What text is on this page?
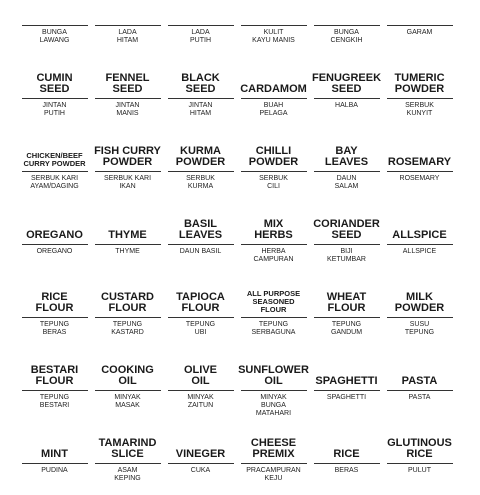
BUNGA
LAWANG
LADA
HITAM
LADA
PUTIH
KULIT
KAYU MANIS
BUNGA
CENGKIH
GARAM
CUMIN
SEED
JINTAN
PUTIH
FENNEL
SEED
JINTAN
MANIS
BLACK
SEED
JINTAN
HITAM
CARDAMOM
BUAH
PELAGA
FENUGREEK
SEED
HALBA
TUMERIC
POWDER
SERBUK
KUNYIT
CHICKEN/BEEF
CURRY POWDER
SERBUK KARI
AYAM/DAGING
FISH CURRY
POWDER
SERBUK KARI
IKAN
KURMA
POWDER
SERBUK
KURMA
CHILLI
POWDER
SERBUK
CILI
BAY
LEAVES
DAUN
SALAM
ROSEMARY
ROSEMARY
OREGANO
OREGANO
THYME
THYME
BASIL
LEAVES
DAUN BASIL
MIX
HERBS
HERBA
CAMPURAN
CORIANDER
SEED
BIJI
KETUMBAR
ALLSPICE
ALLSPICE
RICE
FLOUR
TEPUNG
BERAS
CUSTARD
FLOUR
TEPUNG
KASTARD
TAPIOCA
FLOUR
TEPUNG
UBI
ALL PURPOSE
SEASONED FLOUR
TEPUNG
SERBAGUNA
WHEAT
FLOUR
TEPUNG
GANDUM
MILK
POWDER
SUSU
TEPUNG
BESTARI
FLOUR
TEPUNG
BESTARI
COOKING
OIL
MINYAK
MASAK
OLIVE
OIL
MINYAK
ZAITUN
SUNFLOWER
OIL
MINYAK
BUNGA
MATAHARI
SPAGHETTI
SPAGHETTI
PASTA
PASTA
MINT
PUDINA
TAMARIND
SLICE
ASAM
KEPING
VINEGER
CUKA
CHEESE
PREMIX
PRACAMPURAN
KEJU
RICE
BERAS
GLUTINOUS
RICE
PULUT
